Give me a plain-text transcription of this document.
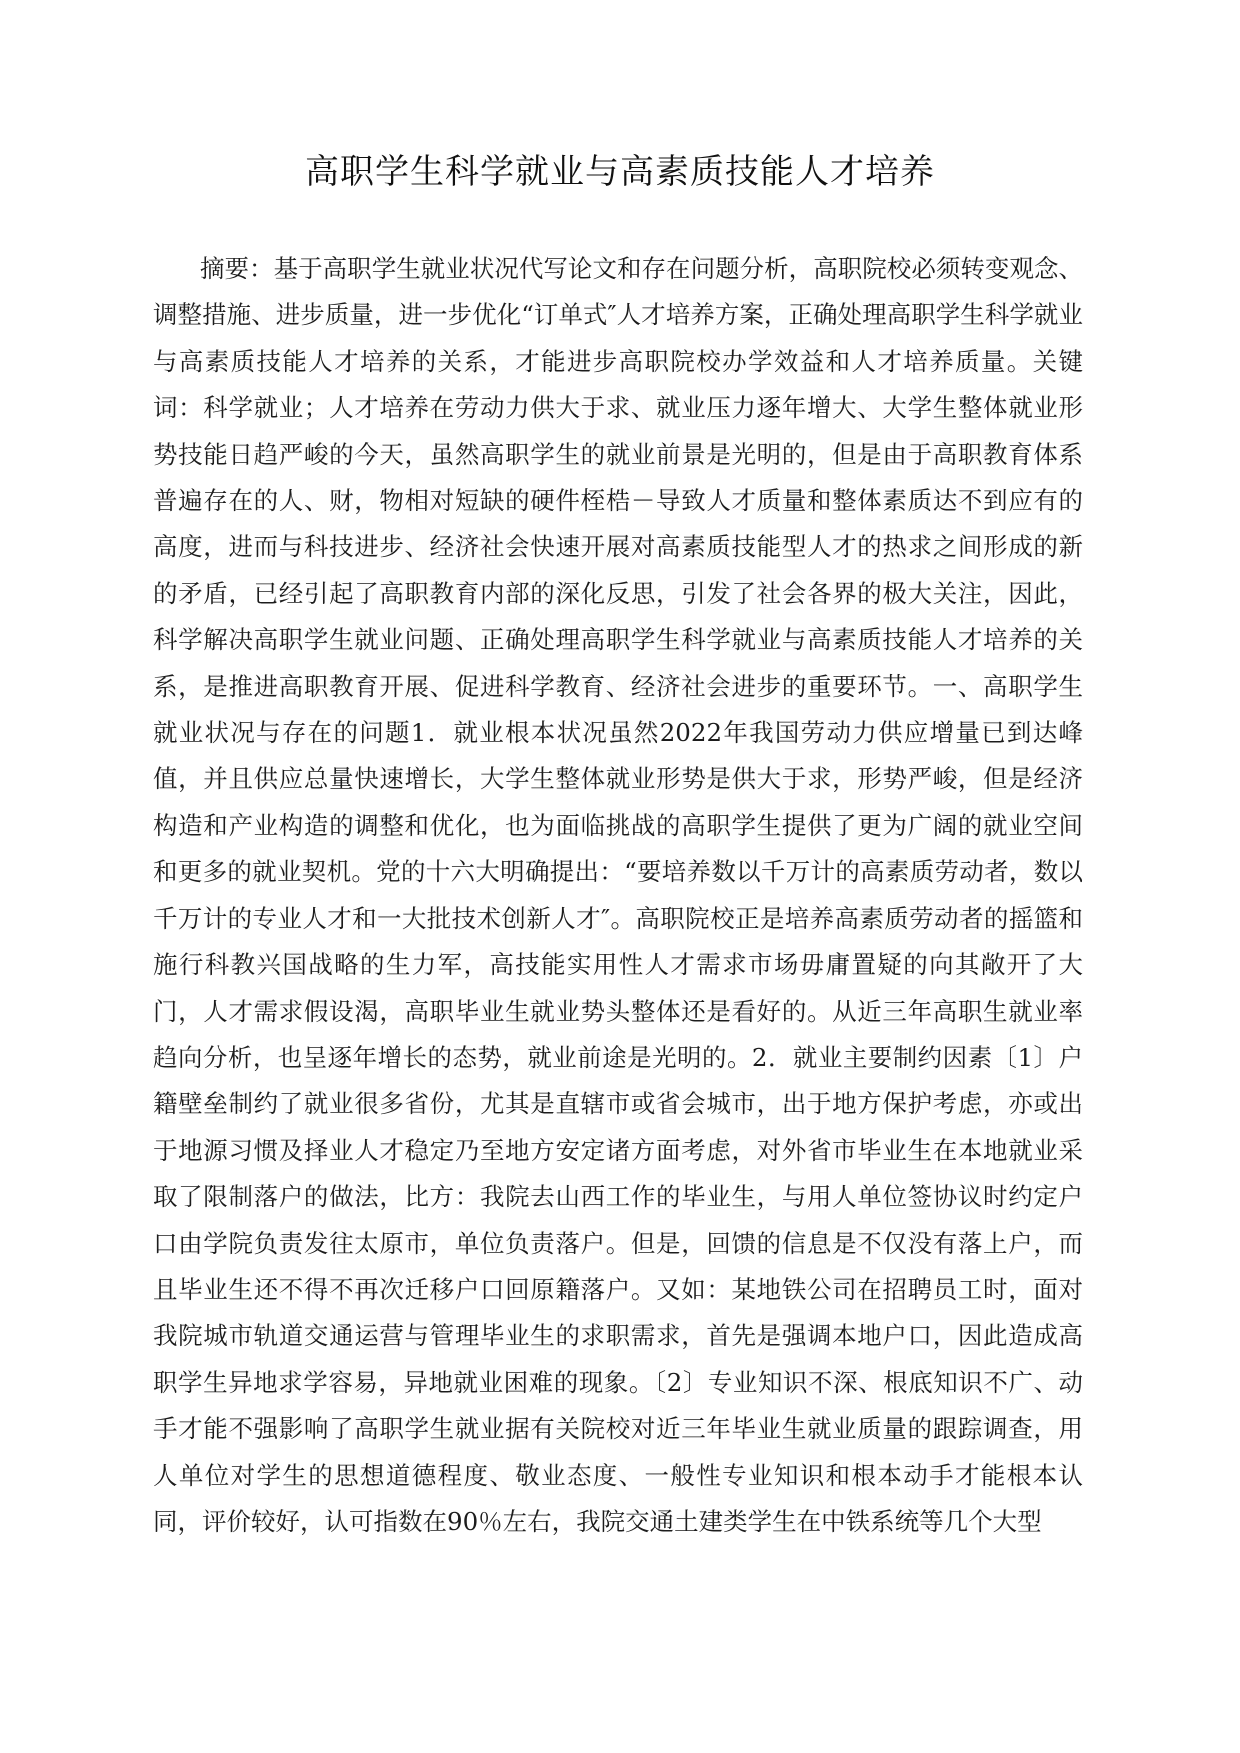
高职学生科学就业与高素质技能人才培养

摘要：基于高职学生就业状况代写论文和存在问题分析，高职院校必须转变观念、调整措施、进步质量，进一步优化“订单式″人才培养方案，正确处理高职学生科学就业与高素质技能人才培养的关系，才能进步高职院校办学效益和人才培养质量。关键词：科学就业；人才培养在劳动力供大于求、就业压力逐年增大、大学生整体就业形势技能日趋严峻的今天，虽然高职学生的就业前景是光明的，但是由于高职教育体系普遍存在的人、财，物相对短缺的硬件桎梏－导致人才质量和整体素质达不到应有的高度，进而与科技进步、经济社会快速开展对高素质技能型人才的热求之间形成的新的矛盾，已经引起了高职教育内部的深化反思，引发了社会各界的极大关注，因此，科学解决高职学生就业问题、正确处理高职学生科学就业与高素质技能人才培养的关系，是推进高职教育开展、促进科学教育、经济社会进步的重要环节。一、高职学生就业状况与存在的问题1．就业根本状况虽然2022年我国劳动力供应增量已到达峰值，并且供应总量快速增长，大学生整体就业形势是供大于求，形势严峻，但是经济构造和产业构造的调整和优化，也为面临挑战的高职学生提供了更为广阔的就业空间和更多的就业契机。党的十六大明确提出：“要培养数以千万计的高素质劳动者，数以千万计的专业人才和一大批技术创新人才″。高职院校正是培养高素质劳动者的摇篮和施行科教兴国战略的生力军，高技能实用性人才需求市场毋庸置疑的向其敞开了大门，人才需求假设渴，高职毕业生就业势头整体还是看好的。从近三年高职生就业率趋向分析，也呈逐年增长的态势，就业前途是光明的。2．就业主要制约因素〔1〕户籍壁垒制约了就业很多省份，尤其是直辖市或省会城市，出于地方保护考虑，亦或出于地源习惯及择业人才稳定乃至地方安定诸方面考虑，对外省市毕业生在本地就业采取了限制落户的做法，比方：我院去山西工作的毕业生，与用人单位签协议时约定户口由学院负责发往太原市，单位负责落户。但是，回馈的信息是不仅没有落上户，而且毕业生还不得不再次迁移户口回原籍落户。又如：某地铁公司在招聘员工时，面对我院城市轨道交通运营与管理毕业生的求职需求，首先是强调本地户口，因此造成高职学生异地求学容易，异地就业困难的现象。〔2〕专业知识不深、根底知识不广、动手才能不强影响了高职学生就业据有关院校对近三年毕业生就业质量的跟踪调查，用人单位对学生的思想道德程度、敬业态度、一般性专业知识和根本动手才能根本认同，评价较好，认可指数在90％左右，我院交通土建类学生在中铁系统等几个大型
